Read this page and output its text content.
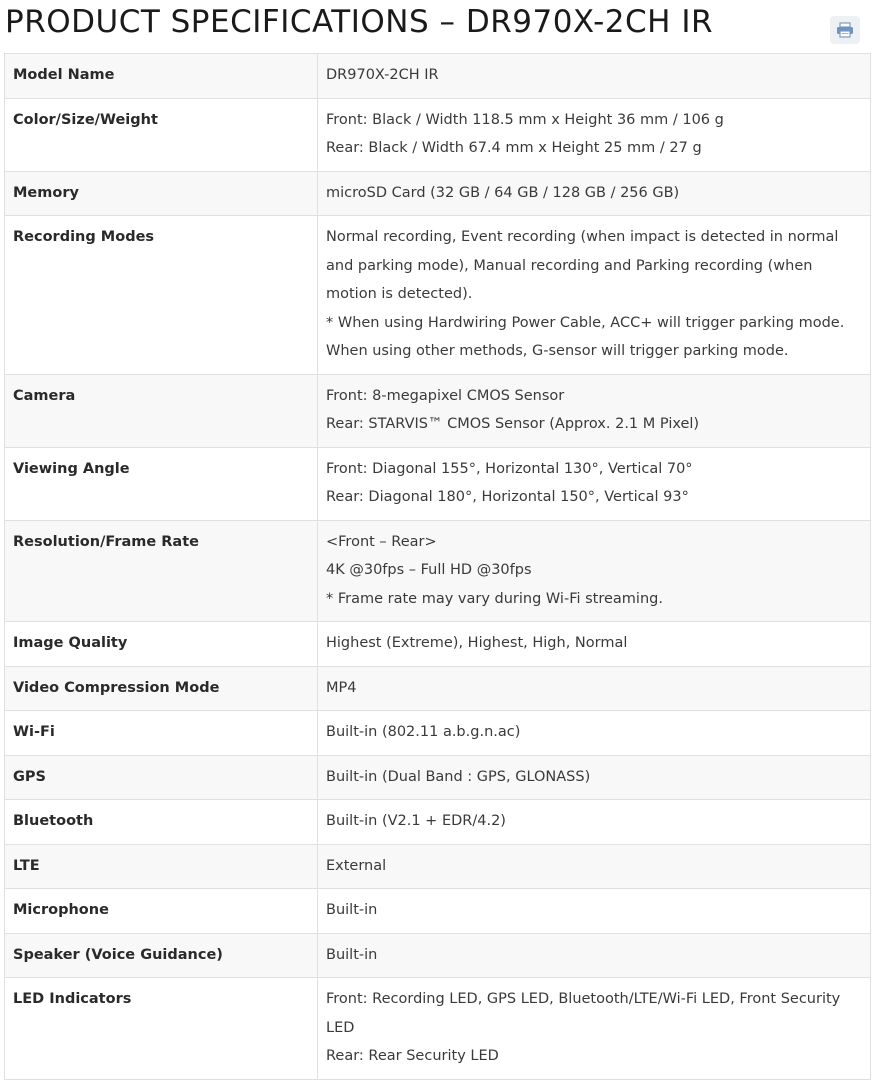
PRODUCT SPECIFICATIONS – DR970X-2CH IR
Model Name	DR970X-2CH IR

Color/Size/Weight	Front: Black / Width 118.5 mm x Height 36 mm / 106 g
Rear: Black / Width 67.4 mm x Height 25 mm / 27 g

Memory	microSD Card (32 GB / 64 GB / 128 GB / 256 GB)

Recording Modes	Normal recording, Event recording (when impact is detected in normal and parking mode), Manual recording and Parking recording (when motion is detected).
* When using Hardwiring Power Cable, ACC+ will trigger parking mode. When using other methods, G-sensor will trigger parking mode.

Camera	Front: 8-megapixel CMOS Sensor
Rear: STARVIS™ CMOS Sensor (Approx. 2.1 M Pixel)

Viewing Angle	Front: Diagonal 155°, Horizontal 130°, Vertical 70°
Rear: Diagonal 180°, Horizontal 150°, Vertical 93°

Resolution/Frame Rate	<Front – Rear>
4K @30fps – Full HD @30fps
* Frame rate may vary during Wi-Fi streaming.

Image Quality	Highest (Extreme), Highest, High, Normal

Video Compression Mode	MP4

Wi-Fi	Built-in (802.11 a.b.g.n.ac)

GPS	Built-in (Dual Band : GPS, GLONASS)

Bluetooth	Built-in (V2.1 + EDR/4.2)

LTE	External

Microphone	Built-in

Speaker (Voice Guidance)	Built-in

LED Indicators	Front: Recording LED, GPS LED, Bluetooth/LTE/Wi-Fi LED, Front Security LED
Rear: Rear Security LED
